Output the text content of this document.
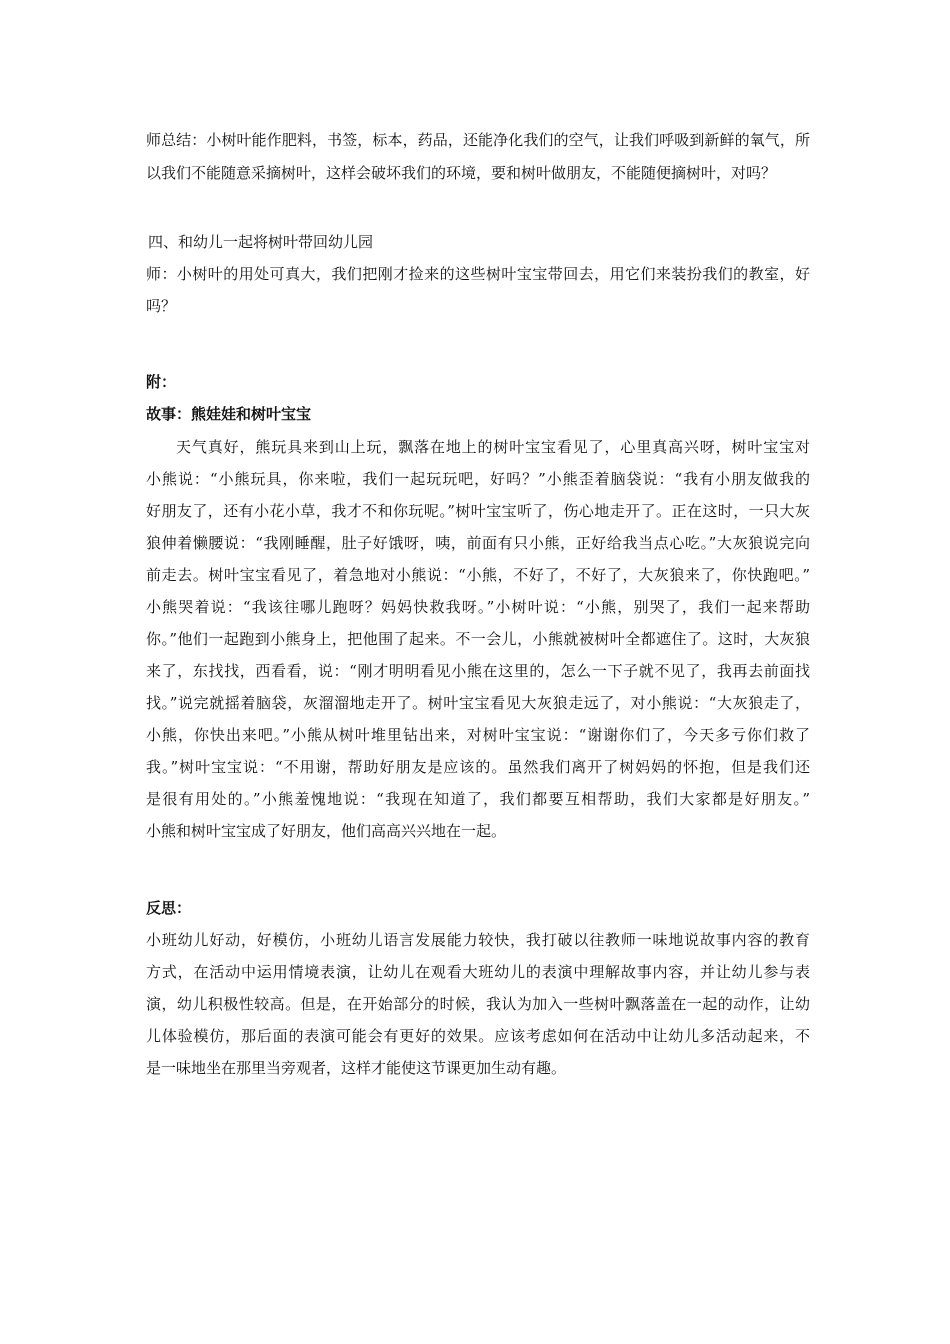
师总结：小树叶能作肥料，书签，标本，药品，还能净化我们的空气，让我们呼吸到新鲜的氧气，所
以我们不能随意采摘树叶，这样会破坏我们的环境，要和树叶做朋友，不能随便摘树叶，对吗？
四、和幼儿一起将树叶带回幼儿园
师：小树叶的用处可真大，我们把刚才捡来的这些树叶宝宝带回去，用它们来装扮我们的教室，好
吗？
附：
故事：熊娃娃和树叶宝宝
天气真好，熊玩具来到山上玩，飘落在地上的树叶宝宝看见了，心里真高兴呀，树叶宝宝对
小熊说：“小熊玩具，你来啦，我们一起玩玩吧，好吗？”小熊歪着脑袋说：“我有小朋友做我的
好朋友了，还有小花小草，我才不和你玩呢。”树叶宝宝听了，伤心地走开了。正在这时，一只大灰
狼伸着懒腰说：“我刚睡醒，肚子好饿呀，咦，前面有只小熊，正好给我当点心吃。”大灰狼说完向
前走去。树叶宝宝看见了，着急地对小熊说：“小熊，不好了，不好了，大灰狼来了，你快跑吧。”
小熊哭着说：“我该往哪儿跑呀？妈妈快救我呀。”小树叶说：“小熊，别哭了，我们一起来帮助
你。”他们一起跑到小熊身上，把他围了起来。不一会儿，小熊就被树叶全都遮住了。这时，大灰狼
来了，东找找，西看看，说：“刚才明明看见小熊在这里的，怎么一下子就不见了，我再去前面找
找。”说完就摇着脑袋，灰溜溜地走开了。树叶宝宝看见大灰狼走远了，对小熊说：“大灰狼走了，
小熊，你快出来吧。”小熊从树叶堆里钻出来，对树叶宝宝说：“谢谢你们了，今天多亏你们救了
我。”树叶宝宝说：“不用谢，帮助好朋友是应该的。虽然我们离开了树妈妈的怀抱，但是我们还
是很有用处的。”小熊羞愧地说：“我现在知道了，我们都要互相帮助，我们大家都是好朋友。”
小熊和树叶宝宝成了好朋友，他们高高兴兴地在一起。
反思：
小班幼儿好动，好模仿，小班幼儿语言发展能力较快，我打破以往教师一味地说故事内容的教育
方式，在活动中运用情境表演，让幼儿在观看大班幼儿的表演中理解故事内容，并让幼儿参与表
演，幼儿积极性较高。但是，在开始部分的时候，我认为加入一些树叶飘落盖在一起的动作，让幼
儿体验模仿，那后面的表演可能会有更好的效果。应该考虑如何在活动中让幼儿多活动起来，不
是一味地坐在那里当旁观者，这样才能使这节课更加生动有趣。
